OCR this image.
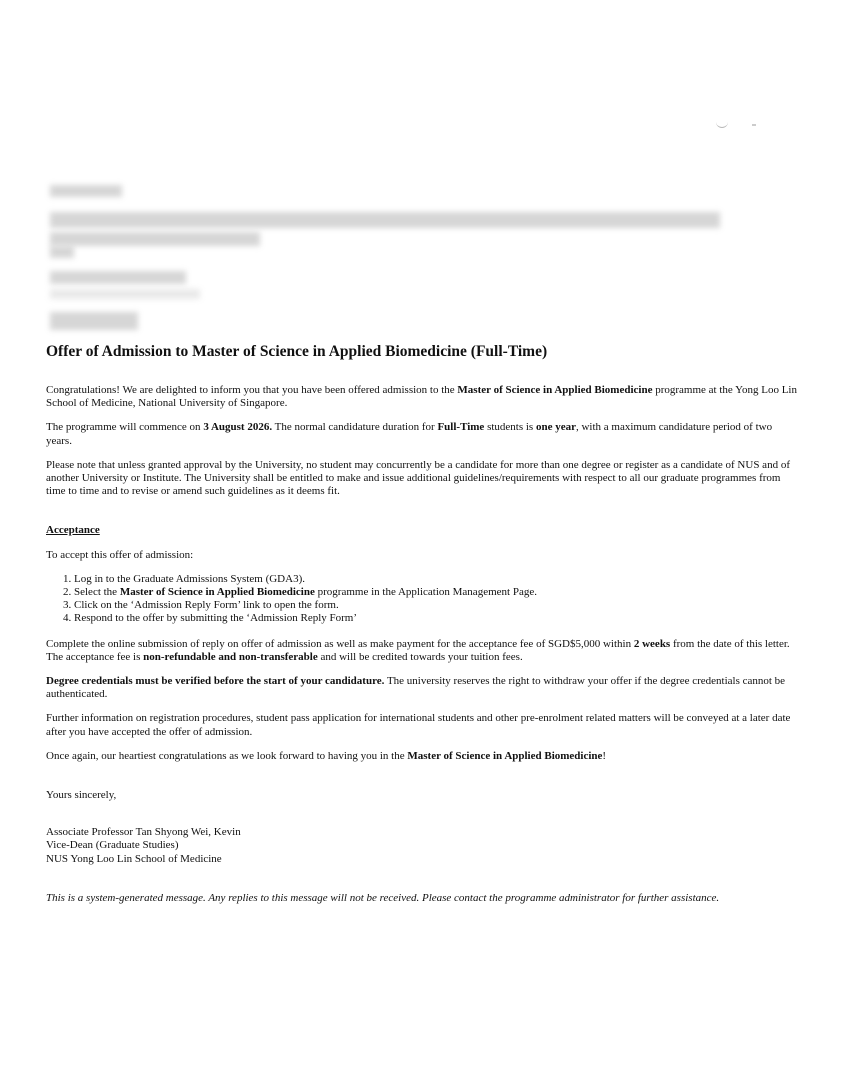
Offer of Admission to Master of Science in Applied Biomedicine (Full-Time)

Congratulations! We are delighted to inform you that you have been offered admission to the Master of Science in Applied Biomedicine programme at the Yong Loo Lin School of Medicine, National University of Singapore.

The programme will commence on 3 August 2026. The normal candidature duration for Full-Time students is one year, with a maximum candidature period of two years.

Please note that unless granted approval by the University, no student may concurrently be a candidate for more than one degree or register as a candidate of NUS and of another University or Institute. The University shall be entitled to make and issue additional guidelines/requirements with respect to all our graduate programmes from time to time and to revise or amend such guidelines as it deems fit.

Acceptance

To accept this offer of admission:

1. Log in to the Graduate Admissions System (GDA3).
2. Select the Master of Science in Applied Biomedicine programme in the Application Management Page.
3. Click on the ‘Admission Reply Form’ link to open the form.
4. Respond to the offer by submitting the ‘Admission Reply Form’

Complete the online submission of reply on offer of admission as well as make payment for the acceptance fee of SGD$5,000 within 2 weeks from the date of this letter. The acceptance fee is non-refundable and non-transferable and will be credited towards your tuition fees.

Degree credentials must be verified before the start of your candidature. The university reserves the right to withdraw your offer if the degree credentials cannot be authenticated.

Further information on registration procedures, student pass application for international students and other pre-enrolment related matters will be conveyed at a later date after you have accepted the offer of admission.

Once again, our heartiest congratulations as we look forward to having you in the Master of Science in Applied Biomedicine!

Yours sincerely,

Associate Professor Tan Shyong Wei, Kevin

Vice-Dean (Graduate Studies)

NUS Yong Loo Lin School of Medicine

This is a system-generated message. Any replies to this message will not be received. Please contact the programme administrator for further assistance.
